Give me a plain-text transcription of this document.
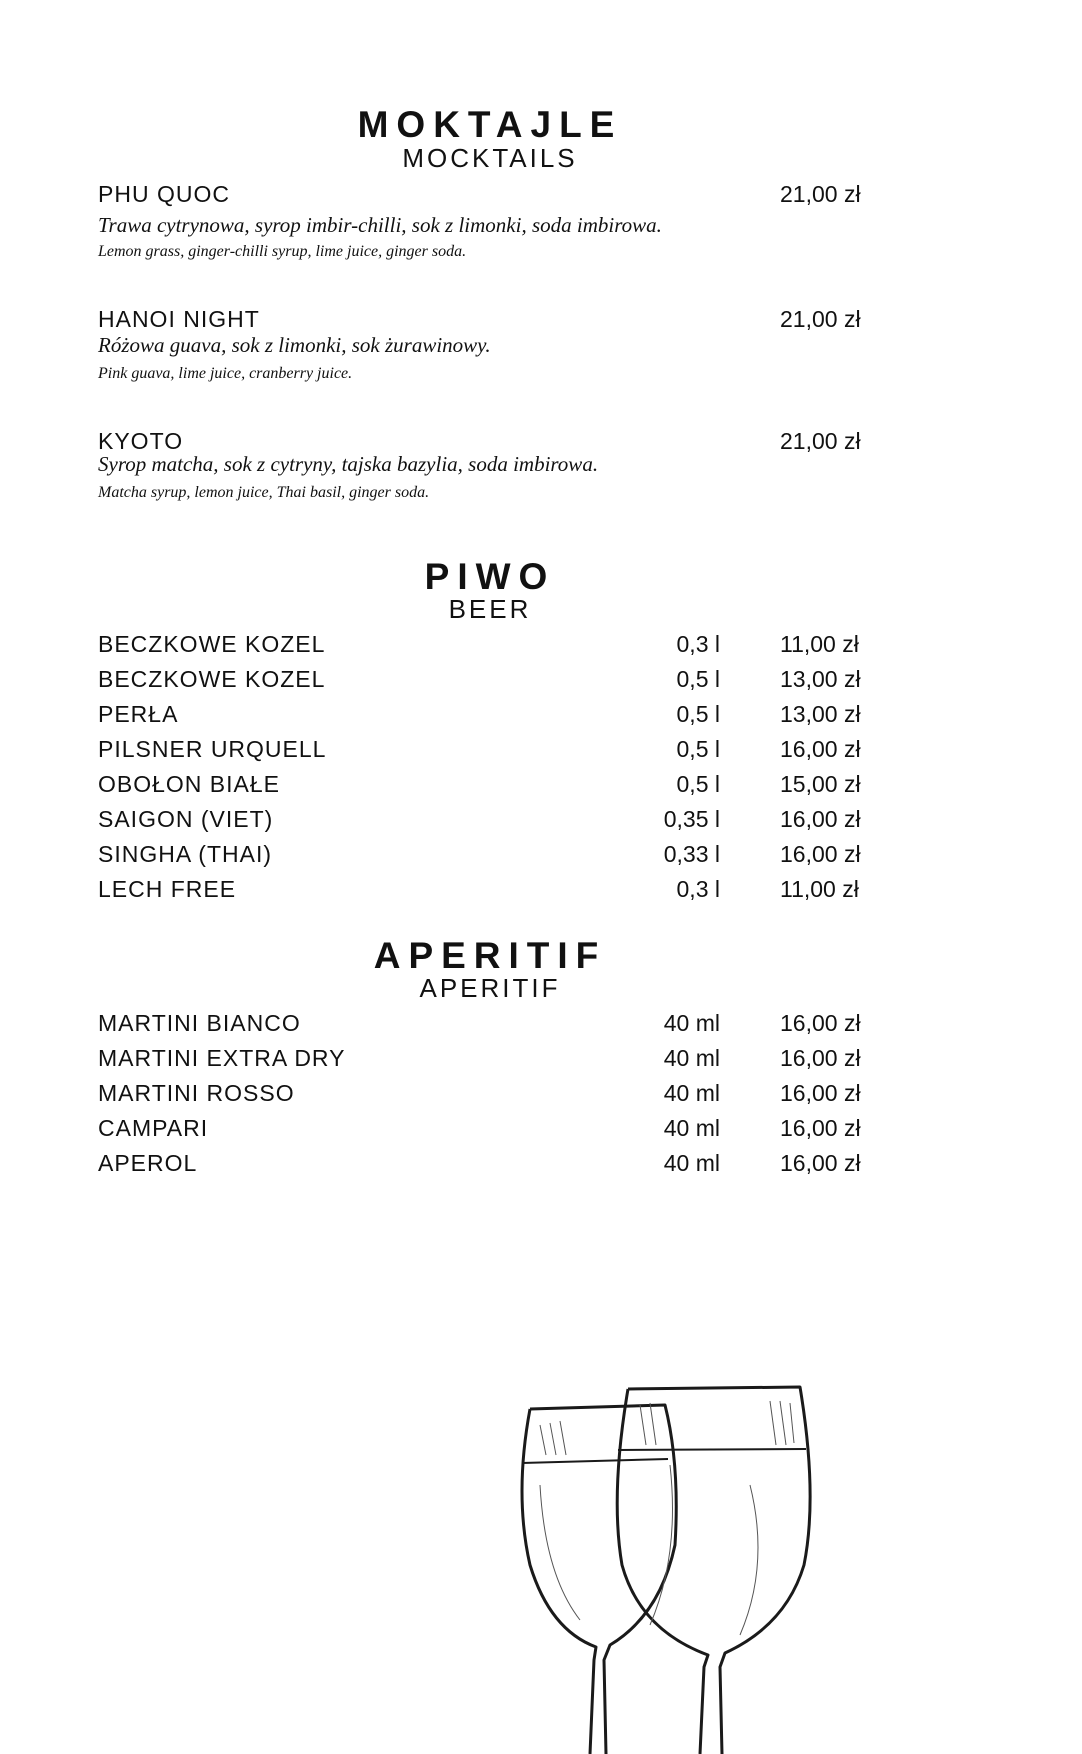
MOKTAJLE
MOCKTAILS
PHU QUOC	21,00 zł
Trawa cytrynowa, syrop imbir-chilli, sok z limonki, soda imbirowa.
Lemon grass, ginger-chilli syrup, lime juice, ginger soda.
HANOI NIGHT	21,00 zł
Różowa guava, sok z limonki, sok żurawinowy.
Pink guava, lime juice, cranberry juice.
KYOTO	21,00 zł
Syrop matcha, sok z cytryny, tajska bazylia, soda imbirowa.
Matcha syrup, lemon juice, Thai basil, ginger soda.
PIWO
BEER
BECZKOWE KOZEL	0,3 l	11,00 zł
BECZKOWE KOZEL	0,5 l	13,00 zł
PERŁA	0,5 l	13,00 zł
PILSNER URQUELL	0,5 l	16,00 zł
OBOŁON BIAŁE	0,5 l	15,00 zł
SAIGON (VIET)	0,35 l	16,00 zł
SINGHA (THAI)	0,33 l	16,00 zł
LECH FREE	0,3 l	11,00 zł
APERITIF
APERITIF
MARTINI BIANCO	40 ml	16,00 zł
MARTINI EXTRA DRY	40 ml	16,00 zł
MARTINI ROSSO	40 ml	16,00 zł
CAMPARI	40 ml	16,00 zł
APEROL	40 ml	16,00 zł
